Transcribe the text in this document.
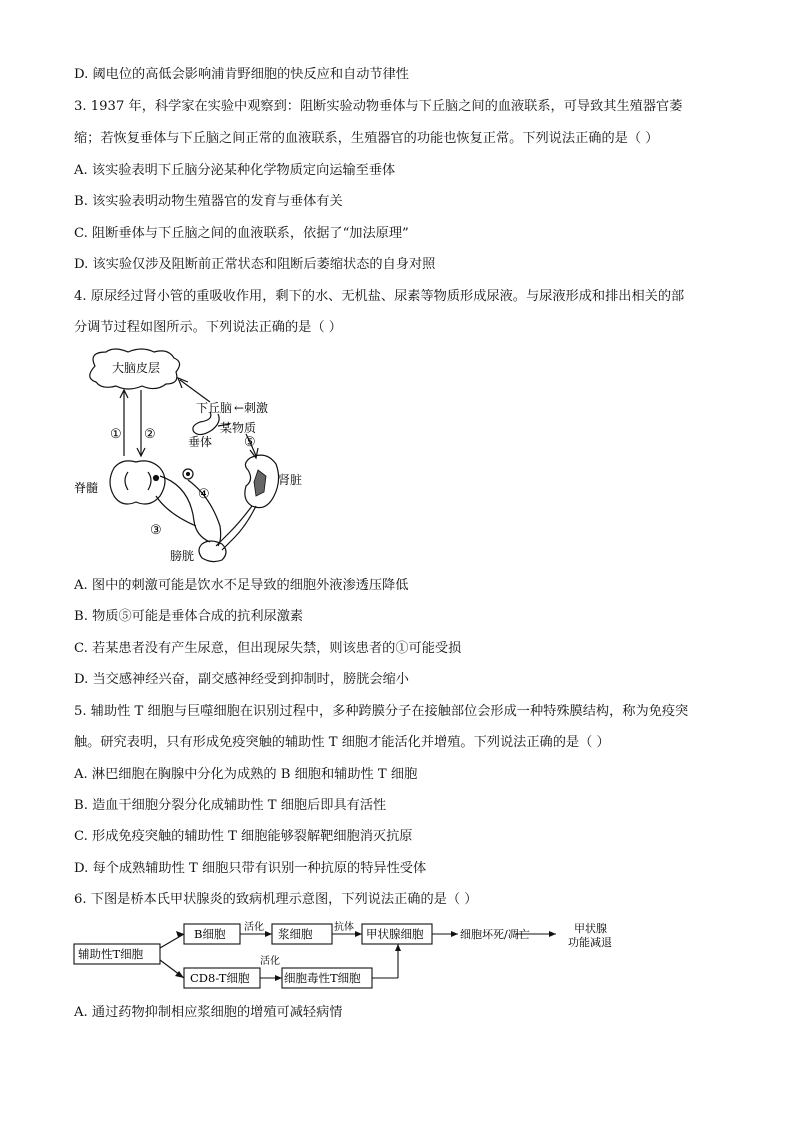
D. 阈电位的高低会影响浦肯野细胞的快反应和自动节律性
3. 1937 年，科学家在实验中观察到：阻断实验动物垂体与下丘脑之间的血液联系，可导致其生殖器官萎
缩；若恢复垂体与下丘脑之间正常的血液联系，生殖器官的功能也恢复正常。下列说法正确的是（ ）
A. 该实验表明下丘脑分泌某种化学物质定向运输至垂体
B. 该实验表明动物生殖器官的发育与垂体有关
C. 阻断垂体与下丘脑之间的血液联系，依据了“加法原理”
D. 该实验仅涉及阻断前正常状态和阻断后萎缩状态的自身对照
4. 原尿经过肾小管的重吸收作用，剩下的水、无机盐、尿素等物质形成尿液。与尿液形成和排出相关的部
分调节过程如图所示。下列说法正确的是（ ）
大脑皮层
下丘脑 ←刺激
某物质
垂体 ⑤
① ②
脊髓	④
③
肾脏
膀胱
A. 图中的刺激可能是饮水不足导致的细胞外液渗透压降低
B. 物质⑤可能是垂体合成的抗利尿激素
C. 若某患者没有产生尿意，但出现尿失禁，则该患者的①可能受损
D. 当交感神经兴奋，副交感神经受到抑制时，膀胱会缩小
5. 辅助性 T 细胞与巨噬细胞在识别过程中，多种跨膜分子在接触部位会形成一种特殊膜结构，称为免疫突
触。研究表明，只有形成免疫突触的辅助性 T 细胞才能活化并增殖。下列说法正确的是（ ）
A. 淋巴细胞在胸腺中分化为成熟的 B 细胞和辅助性 T 细胞
B. 造血干细胞分裂分化成辅助性 T 细胞后即具有活性
C. 形成免疫突触的辅助性 T 细胞能够裂解靶细胞消灭抗原
D. 每个成熟辅助性 T 细胞只带有识别一种抗原的特异性受体
6. 下图是桥本氏甲状腺炎的致病机理示意图，下列说法正确的是（ ）
辅助性T细胞
B细胞 活化 浆细胞 抗体 甲状腺细胞	细胞坏死/凋亡	甲状腺
功能减退
CD8-T细胞
活化
细胞毒性T细胞
A. 通过药物抑制相应浆细胞的增殖可减轻病情
